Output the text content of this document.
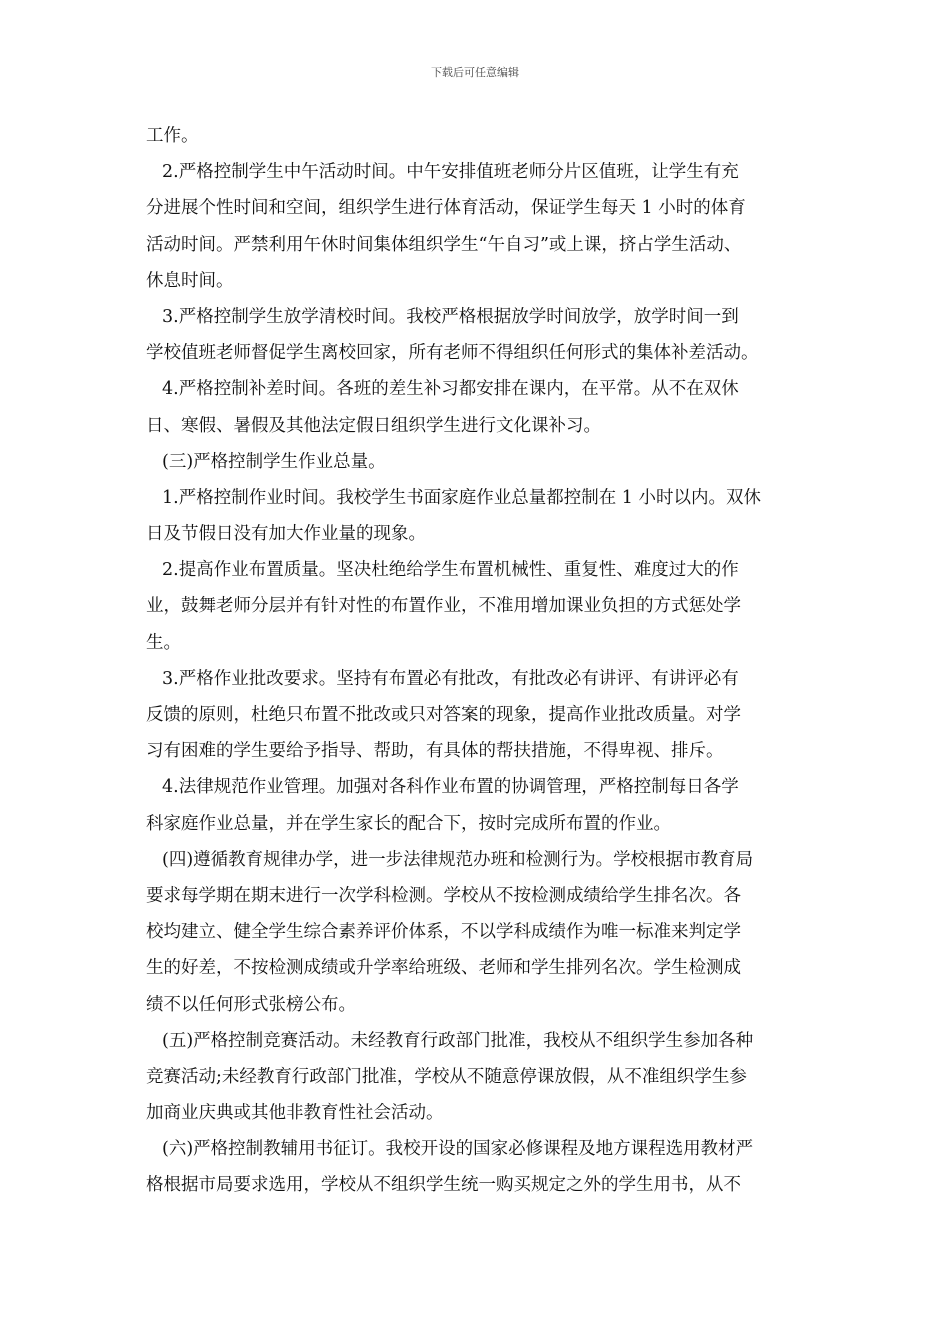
下载后可任意编辑
工作。
2.严格控制学生中午活动时间。中午安排值班老师分片区值班，让学生有充
分进展个性时间和空间，组织学生进行体育活动，保证学生每天 1 小时的体育
活动时间。严禁利用午休时间集体组织学生“午自习”或上课，挤占学生活动、
休息时间。
3.严格控制学生放学清校时间。我校严格根据放学时间放学，放学时间一到
学校值班老师督促学生离校回家，所有老师不得组织任何形式的集体补差活动。
4.严格控制补差时间。各班的差生补习都安排在课内，在平常。从不在双休
日、寒假、暑假及其他法定假日组织学生进行文化课补习。
(三)严格控制学生作业总量。
1.严格控制作业时间。我校学生书面家庭作业总量都控制在 1 小时以内。双休
日及节假日没有加大作业量的现象。
2.提高作业布置质量。坚决杜绝给学生布置机械性、重复性、难度过大的作
业，鼓舞老师分层并有针对性的布置作业，不准用增加课业负担的方式惩处学
生。
3.严格作业批改要求。坚持有布置必有批改，有批改必有讲评、有讲评必有
反馈的原则，杜绝只布置不批改或只对答案的现象，提高作业批改质量。对学
习有困难的学生要给予指导、帮助，有具体的帮扶措施，不得卑视、排斥。
4.法律规范作业管理。加强对各科作业布置的协调管理，严格控制每日各学
科家庭作业总量，并在学生家长的配合下，按时完成所布置的作业。
(四)遵循教育规律办学，进一步法律规范办班和检测行为。学校根据市教育局
要求每学期在期末进行一次学科检测。学校从不按检测成绩给学生排名次。各
校均建立、健全学生综合素养评价体系，不以学科成绩作为唯一标准来判定学
生的好差，不按检测成绩或升学率给班级、老师和学生排列名次。学生检测成
绩不以任何形式张榜公布。
(五)严格控制竞赛活动。未经教育行政部门批准，我校从不组织学生参加各种
竞赛活动;未经教育行政部门批准，学校从不随意停课放假，从不准组织学生参
加商业庆典或其他非教育性社会活动。
(六)严格控制教辅用书征订。我校开设的国家必修课程及地方课程选用教材严
格根据市局要求选用，学校从不组织学生统一购买规定之外的学生用书，从不
